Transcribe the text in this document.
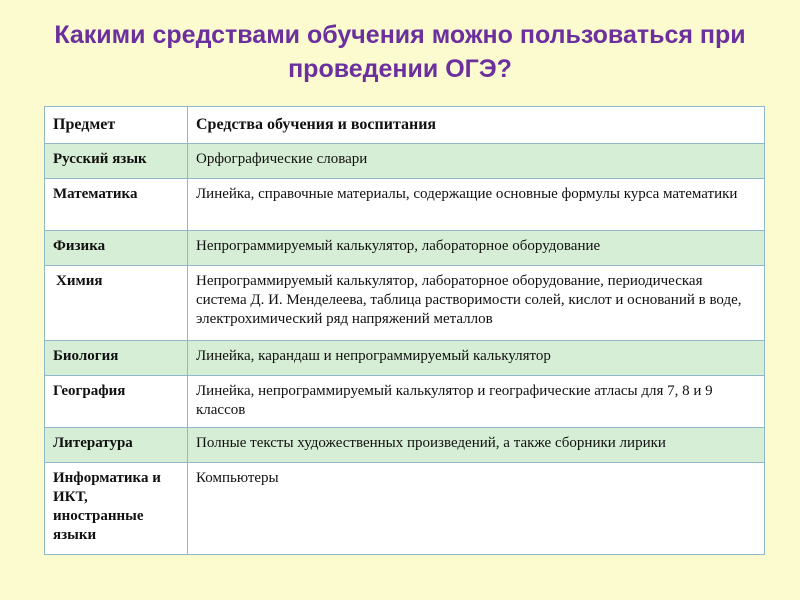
Какими средствами обучения можно пользоваться при проведении ОГЭ?
Предмет	Средства обучения и воспитания
Русский язык	Орфографические словари
Математика	Линейка, справочные материалы, содержащие основные формулы курса математики
Физика	Непрограммируемый калькулятор, лабораторное оборудование
Химия	Непрограммируемый калькулятор, лабораторное оборудование, периодическая система Д. И. Менделеева, таблица растворимости солей, кислот и оснований в воде, электрохимический ряд напряжений металлов
Биология	Линейка, карандаш и непрограммируемый калькулятор
География	Линейка, непрограммируемый калькулятор и географические атласы для 7, 8 и 9 классов
Литература	Полные тексты художественных произведений, а также сборники лирики
Информатика и ИКТ, иностранные языки	Компьютеры
